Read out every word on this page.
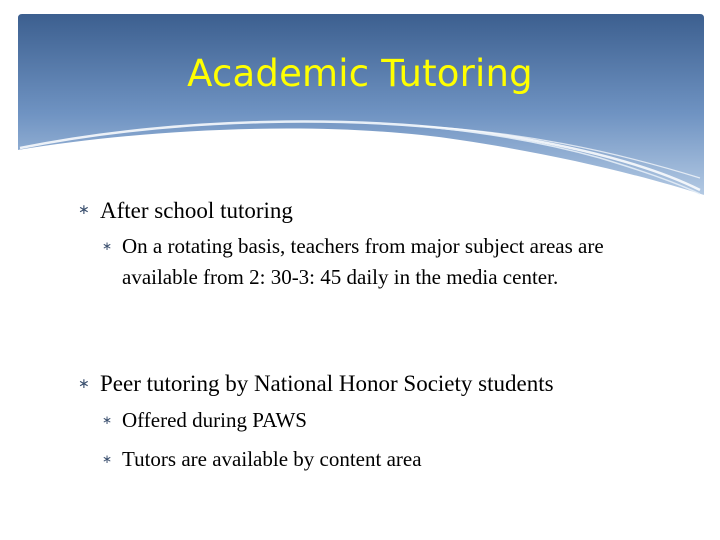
Academic Tutoring
∗ After school tutoring
∗ On a rotating basis, teachers from major subject areas are available from 2: 30-3: 45 daily in the media center.
∗ Peer tutoring by National Honor Society students
∗ Offered during PAWS
∗ Tutors are available by content area
